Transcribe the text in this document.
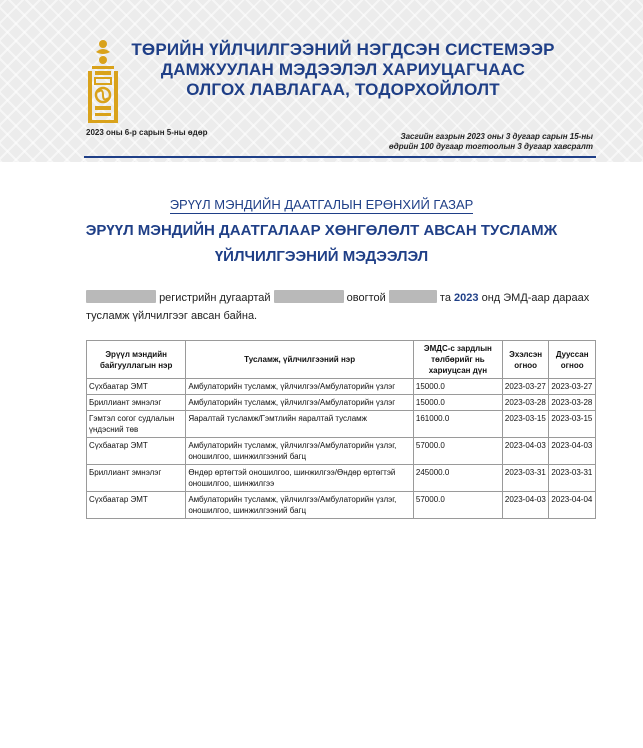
ТӨРИЙН ҮЙЛЧИЛГЭЭНИЙ НЭГДСЭН СИСТЕМЭЭР
ДАМЖУУЛАН МЭДЭЭЛЭЛ ХАРИУЦАГЧААС
ОЛГОХ ЛАВЛАГАА, ТОДОРХОЙЛОЛТ
2023 оны 6-р сарын 5-ны өдөр	Засгийн газрын 2023 оны 3 дугаар сарын 15-ны
өдрийн 100 дугаар тогтоолын 3 дугаар хавсралт
ЭРҮҮЛ МЭНДИЙН ДААТГАЛЫН ЕРӨНХИЙ ГАЗАР
ЭРҮҮЛ МЭНДИЙН ДААТГАЛААР ХӨНГӨЛӨЛТ АВСАН ТУСЛАМЖ
ҮЙЛЧИЛГЭЭНИЙ МЭДЭЭЛЭЛ
регистрийн дугаартай	овогтой	та 2023 онд ЭМД-аар дараах
тусламж үйлчилгээг авсан байна.
Эрүүл мэндийн байгууллагын нэр	Тусламж, үйлчилгээний нэр	ЭМДС-с зардлын төлбөрийг нь хариуцсан дүн	Эхэлсэн огноо	Дууссан огноо
Сүхбаатар ЭМТ	Амбулаторийн тусламж, үйлчилгээ/Амбулаторийн үзлэг	15000.0	2023-03-27	2023-03-27
Бриллиант эмнэлэг	Амбулаторийн тусламж, үйлчилгээ/Амбулаторийн үзлэг	15000.0	2023-03-28	2023-03-28
Гэмтэл согог судлалын үндэсний төв	Яаралтай тусламж/Гэмтлийн яаралтай тусламж	161000.0	2023-03-15	2023-03-15
Сүхбаатар ЭМТ	Амбулаторийн тусламж, үйлчилгээ/Амбулаторийн үзлэг, оношилгоо, шинжилгээний багц	57000.0	2023-04-03	2023-04-03
Бриллиант эмнэлэг	Өндөр өртөгтэй оношилгоо, шинжилгээ/Өндөр өртөгтэй оношилгоо, шинжилгээ	245000.0	2023-03-31	2023-03-31
Сүхбаатар ЭМТ	Амбулаторийн тусламж, үйлчилгээ/Амбулаторийн үзлэг, оношилгоо, шинжилгээний багц	57000.0	2023-04-03	2023-04-04
